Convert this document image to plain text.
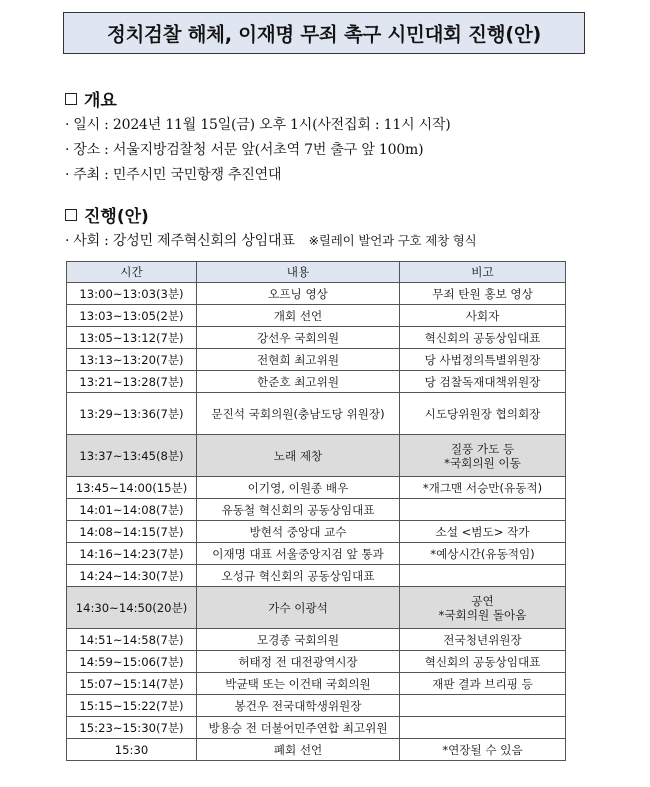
정치검찰 해체, 이재명 무죄 촉구 시민대회 진행(안)
개요
· 일시 : 2024년 11월 15일(금) 오후 1시(사전집회 : 11시 시작)
· 장소 : 서울지방검찰청 서문 앞(서초역 7번 출구 앞 100m)
· 주최 : 민주시민 국민항쟁 추진연대
진행(안)
· 사회 : 강성민 제주혁신회의 상임대표 ※릴레이 발언과 구호 제창 형식
시간	내용	비고
13:00~13:03(3분)	오프닝 영상	무죄 탄원 홍보 영상

13:03~13:05(2분)	개회 선언	사회자

13:05~13:12(7분)	강선우 국회의원	혁신회의 공동상임대표

13:13~13:20(7분)	전현희 최고위원	당 사법정의특별위원장

13:21~13:28(7분)	한준호 최고위원	당 검찰독재대책위원장

13:29~13:36(7분)	문진석 국회의원(충남도당 위원장)	시도당위원장 협의회장

13:37~13:45(8분)	노래 제창	질풍 가도 등
*국회의원 이동

13:45~14:00(15분)	이기영, 이원종 배우	*개그맨 서승만(유동적)

14:01~14:08(7분)	유동철 혁신회의 공동상임대표	
14:08~14:15(7분)	방현석 중앙대 교수	소설 <범도> 작가

14:16~14:23(7분)	이재명 대표 서울중앙지검 앞 통과	*예상시간(유동적임)

14:24~14:30(7분)	오성규 혁신회의 공동상임대표	
14:30~14:50(20분)	가수 이광석	공연
*국회의원 돌아옴

14:51~14:58(7분)	모경종 국회의원	전국청년위원장

14:59~15:06(7분)	허태정 전 대전광역시장	혁신회의 공동상임대표

15:07~15:14(7분)	박균택 또는 이건태 국회의원	재판 결과 브리핑 등

15:15~15:22(7분)	봉건우 전국대학생위원장	
15:23~15:30(7분)	방용승 전 더불어민주연합 최고위원	
15:30	폐회 선언	*연장될 수 있음
